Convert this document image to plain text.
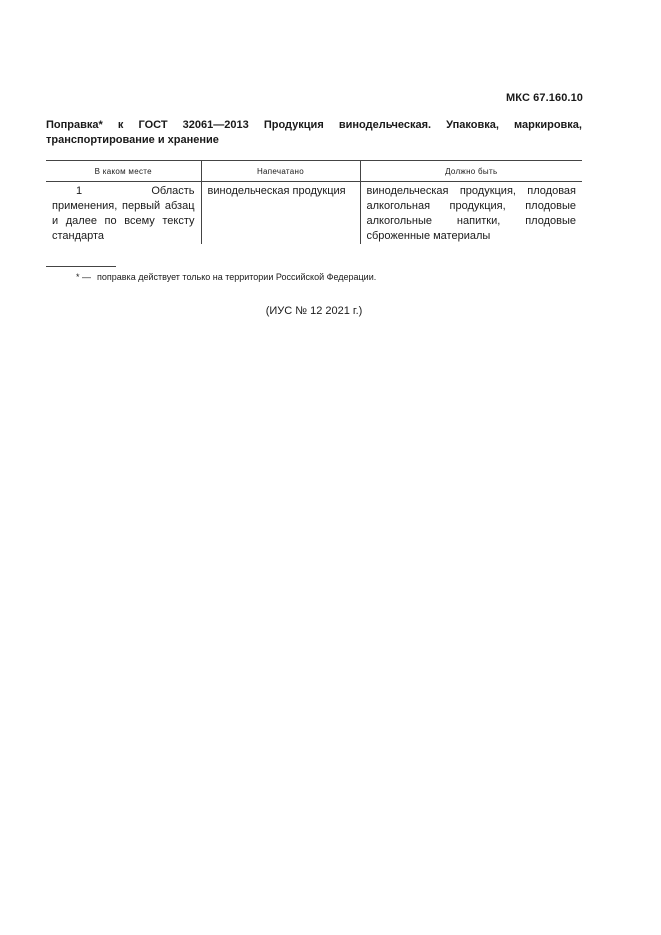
МКС 67.160.10
Поправка* к ГОСТ 32061—2013 Продукция винодельческая. Упаковка, маркировка, транспортирование и хранение
В каком месте	Напечатано	Должно быть

1 Область применения, первый абзац и далее по всему тексту стандарта	винодельческая продукция	винодельческая продукция, плодовая алкогольная продукция, плодовые алкогольные напитки, плодовые сброженные материалы
* — поправка действует только на территории Российской Федерации.
(ИУС № 12 2021 г.)
